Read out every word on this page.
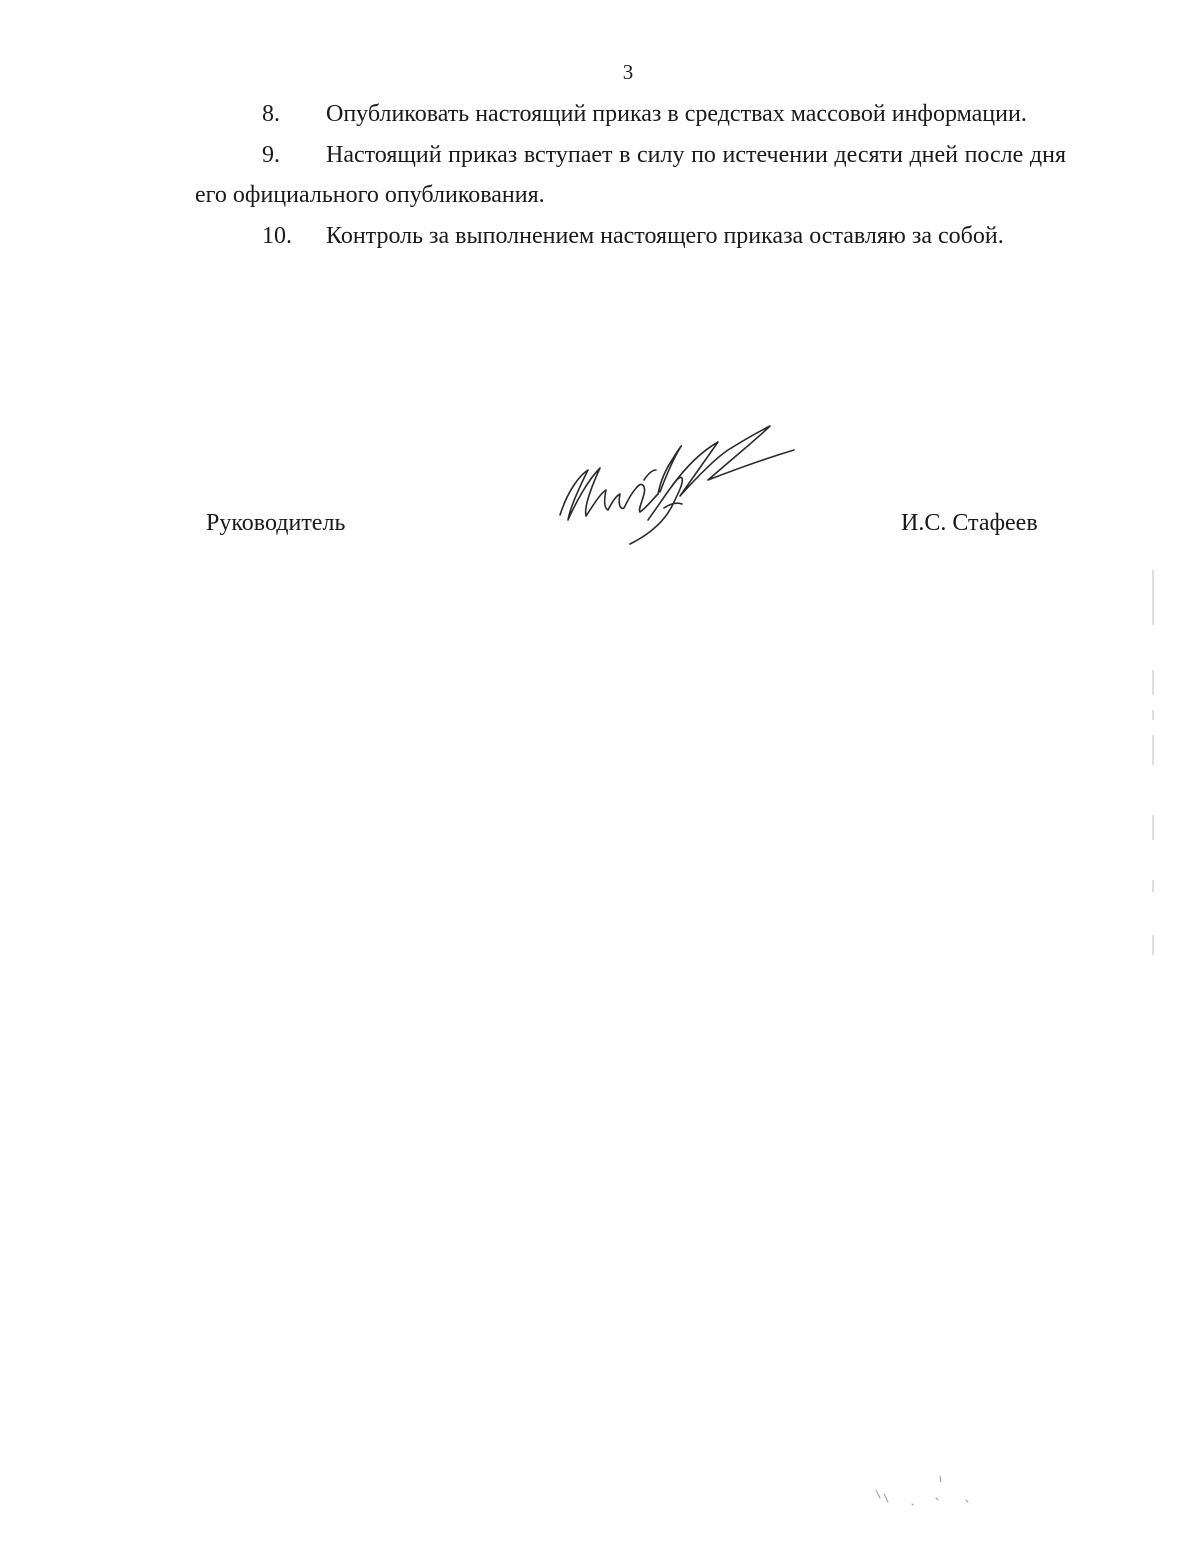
3

8. Опубликовать настоящий приказ в средствах массовой информации.

9. Настоящий приказ вступает в силу по истечении десяти дней после дня его официального опубликования.

10. Контроль за выполнением настоящего приказа оставляю за собой.

Руководитель	И.С. Стафеев
